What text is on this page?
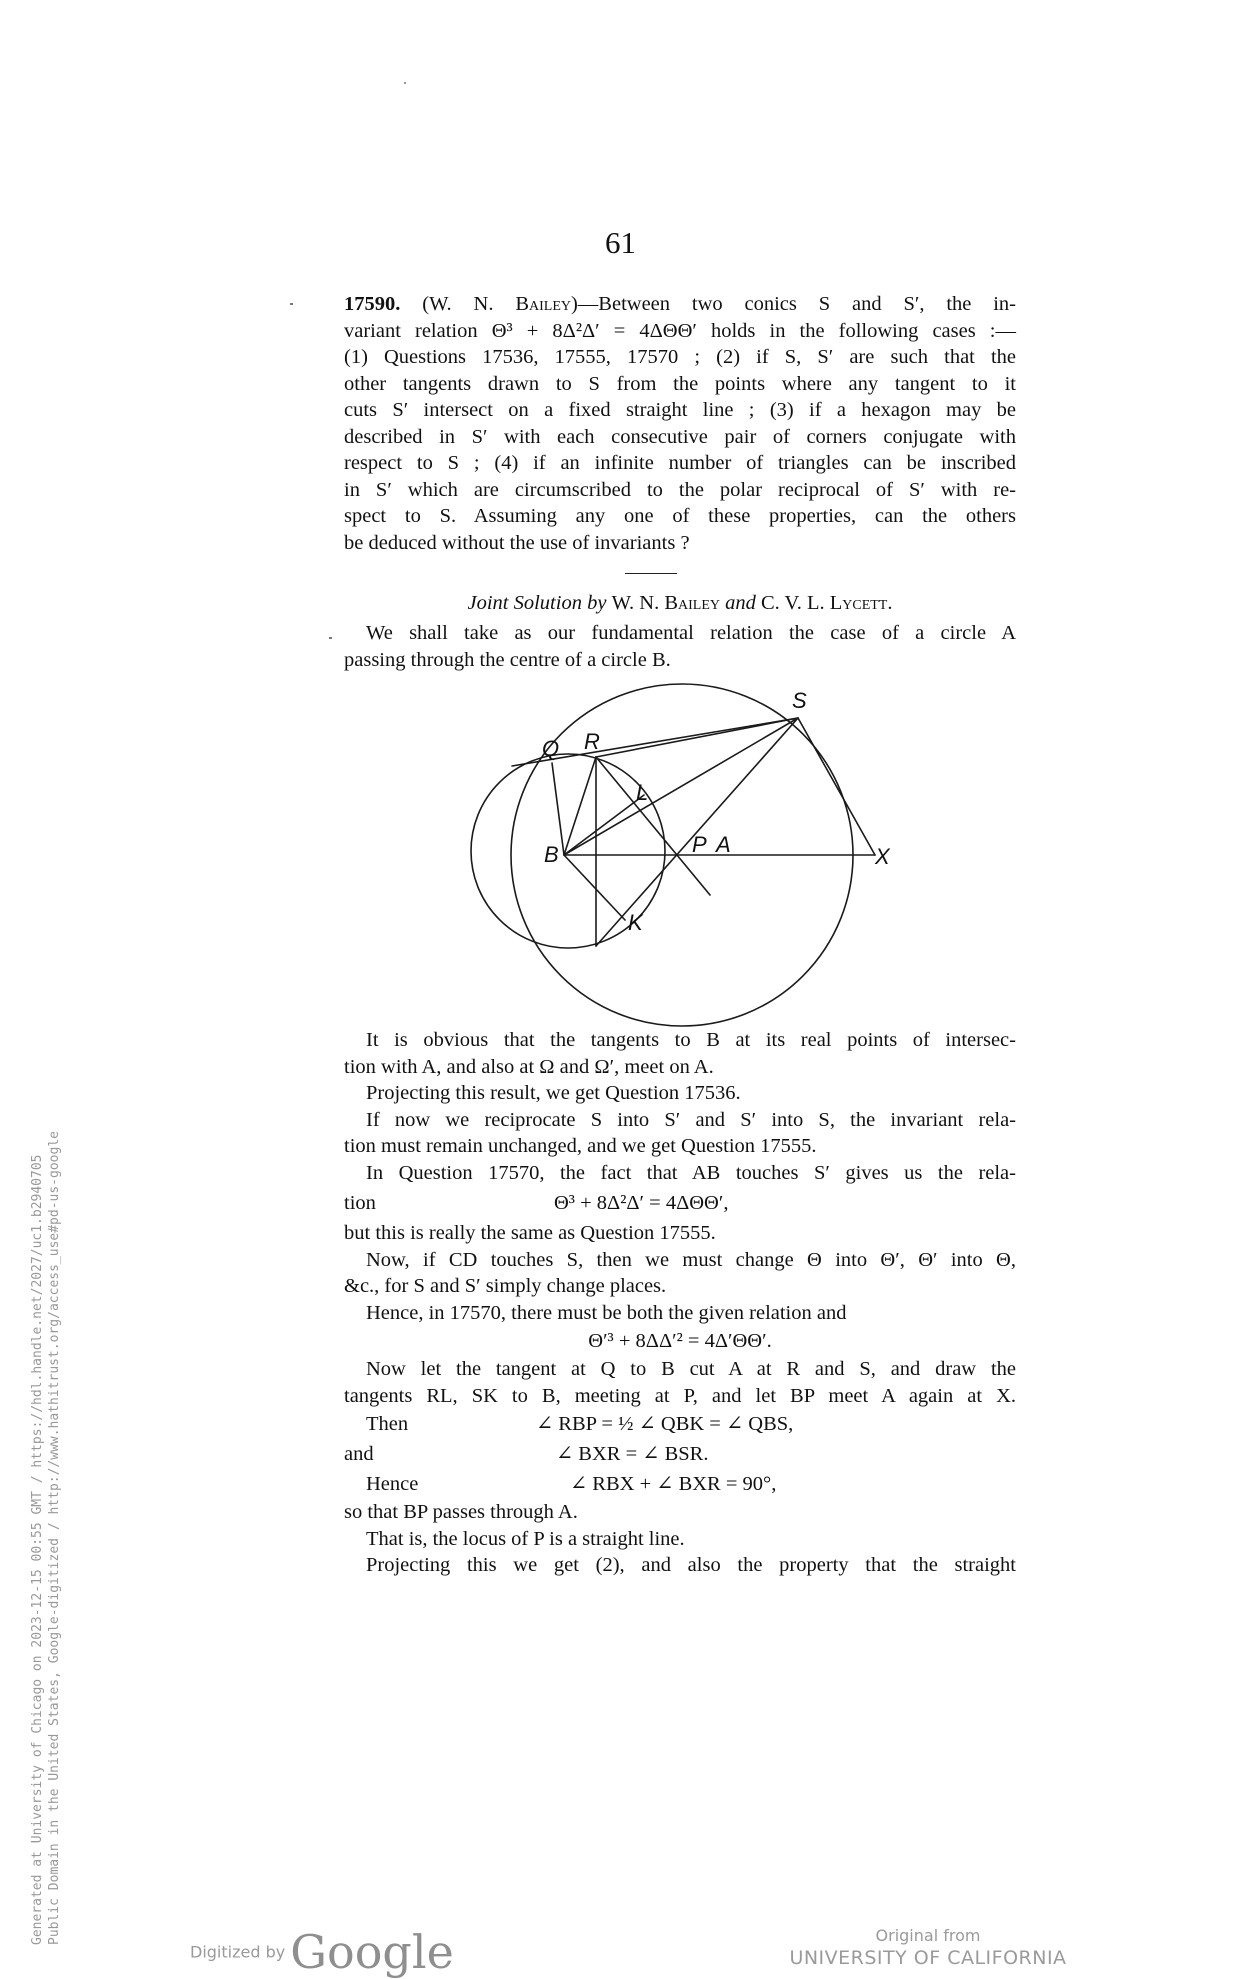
61
17590. (W. N. Bailey)—Between two conics S and S′, the in-
variant relation Θ³ + 8Δ²Δ′ = 4ΔΘΘ′ holds in the following cases :—
(1) Questions 17536, 17555, 17570 ; (2) if S, S′ are such that the
other tangents drawn to S from the points where any tangent to it
cuts S′ intersect on a fixed straight line ; (3) if a hexagon may be
described in S′ with each consecutive pair of corners conjugate with
respect to S ; (4) if an infinite number of triangles can be inscribed
in S′ which are circumscribed to the polar reciprocal of S′ with re-
spect to S. Assuming any one of these properties, can the others
be deduced without the use of invariants ?
Joint Solution by W. N. Bailey and C. V. L. Lycett.
We shall take as our fundamental relation the case of a circle A
passing through the centre of a circle B.
S
Q R
L
B	P A	X
K
It is obvious that the tangents to B at its real points of intersec-
tion with A, and also at Ω and Ω′, meet on A.
Projecting this result, we get Question 17536.
If now we reciprocate S into S′ and S′ into S, the invariant rela-
tion must remain unchanged, and we get Question 17555.
In Question 17570, the fact that AB touches S′ gives us the rela-
tion	Θ³ + 8Δ²Δ′ = 4ΔΘΘ′,
but this is really the same as Question 17555.
Now, if CD touches S, then we must change Θ into Θ′, Θ′ into Θ,
&c., for S and S′ simply change places.
Hence, in 17570, there must be both the given relation and
Θ′³ + 8ΔΔ′² = 4Δ′ΘΘ′.
Now let the tangent at Q to B cut A at R and S, and draw the
tangents RL, SK to B, meeting at P, and let BP meet A again at X.
Then	∠ RBP = ½ ∠ QBK = ∠ QBS,
and	∠ BXR = ∠ BSR.
Hence	∠ RBX + ∠ BXR = 90°,
so that BP passes through A.
That is, the locus of P is a straight line.
Projecting this we get (2), and also the property that the straight
Generated at University of Chicago on 2023-12-15 00:55 GMT / https://hdl.handle.net/2027/uc1.b2940705 Public Domain in the United States, Google-digitized / http://www.hathitrust.org/access_use#pd-us-google
Digitized by Google	Original from
UNIVERSITY OF CALIFORNIA
